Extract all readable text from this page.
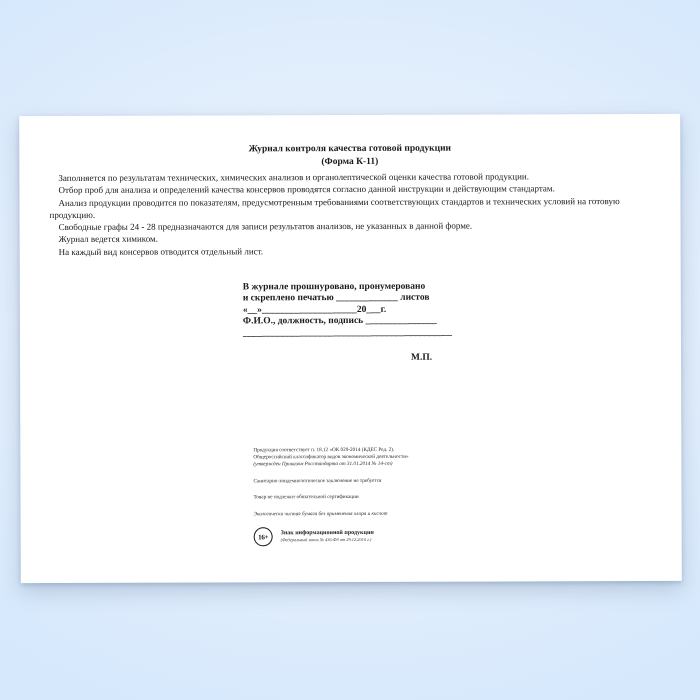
Журнал контроля качества готовой продукции
(Форма К-11)

Заполняется по результатам технических, химических анализов и органолептической оценки качества готовой продукции.

Отбор проб для анализа и определений качества консервов проводятся согласно данной инструкции и действующим стандартам.

Анализ продукции проводится по показателям, предусмотренным требованиями соответствующих стандартов и технических условий на готовую продукцию.

Свободные графы 24 - 28 предназначаются для записи результатов анализов, не указанных в данной форме.

Журнал ведется химиком.

На каждый вид консервов отводится отдельный лист.

В журнале прошнуровано, пронумеровано
и скреплено печатью _____________ листов
«__»____________________20___г.
Ф.И.О., должность, подпись _______________
____________________________________________
М.П.
Продукция соответствует п. 18.12 «ОК 029-2014 (КДЕС Ред. 2).
Общероссийский классификатор видов экономической деятельности»
(утвержден Приказом Росстандарта от 31.01.2014 № 14-ст)
Санитарно-эпидемиологическое заключение не требуется
Товар не подлежит обязательной сертификации
Экологически чистая бумага без применения хлора и кислот
16+	Знак информационной продукции
(Федеральный закон № 436-ФЗ от 29.12.2010 г.)
